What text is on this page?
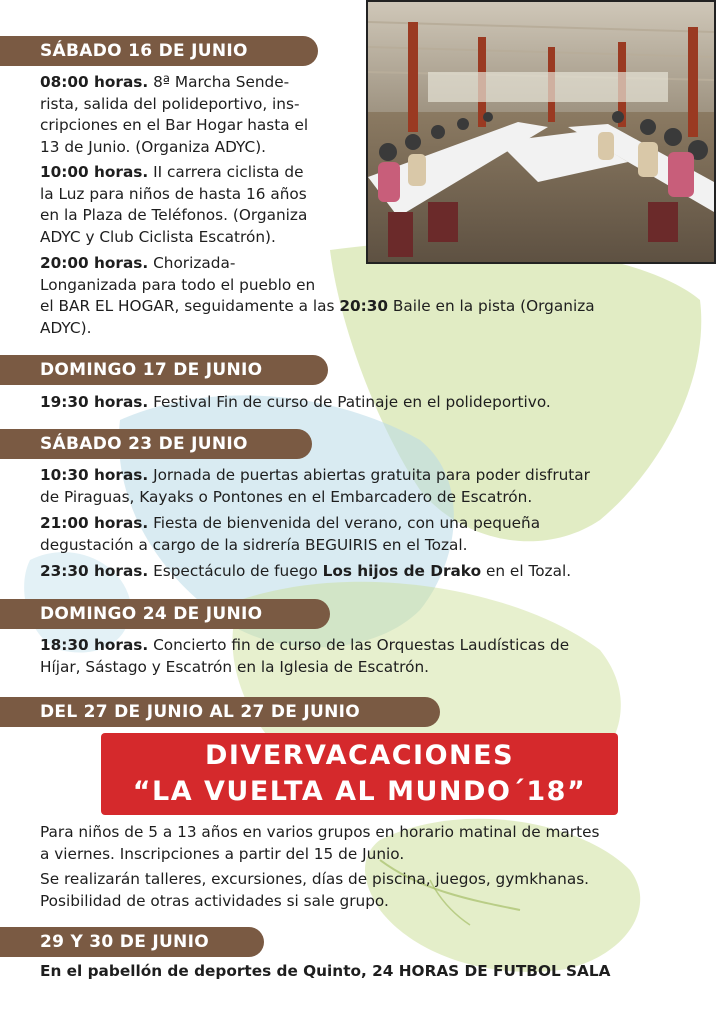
SÁBADO 16 DE JUNIO

08:00 horas. 8ª Marcha Sende-
rista, salida del polideportivo, ins-
cripciones en el Bar Hogar hasta el
13 de Junio. (Organiza ADYC).

10:00 horas. II carrera ciclista de
la Luz para niños de hasta 16 años
en la Plaza de Teléfonos. (Organiza
ADYC y Club Ciclista Escatrón).

20:00 horas. Chorizada-
Longanizada para todo el pueblo en
el BAR EL HOGAR, seguidamente a las 20:30 Baile en la pista (Organiza
ADYC).

DOMINGO 17 DE JUNIO

19:30 horas. Festival Fin de curso de Patinaje en el polideportivo.

SÁBADO 23 DE JUNIO

10:30 horas. Jornada de puertas abiertas gratuita para poder disfrutar
de Piraguas, Kayaks o Pontones en el Embarcadero de Escatrón.

21:00 horas. Fiesta de bienvenida del verano, con una pequeña
degustación a cargo de la sidrería BEGUIRIS en el Tozal.

23:30 horas. Espectáculo de fuego Los hijos de Drako en el Tozal.

DOMINGO 24 DE JUNIO

18:30 horas. Concierto fin de curso de las Orquestas Laudísticas de
Híjar, Sástago y Escatrón en la Iglesia de Escatrón.

DEL 27 DE JUNIO AL 27 DE JUNIO
DIVERVACACIONES
“LA VUELTA AL MUNDO´18”

Para niños de 5 a 13 años en varios grupos en horario matinal de martes
a viernes. Inscripciones a partir del 15 de Junio.

Se realizarán talleres, excursiones, días de piscina, juegos, gymkhanas.
Posibilidad de otras actividades si sale grupo.

29 Y 30 DE JUNIO
En el pabellón de deportes de Quinto, 24 HORAS DE FUTBOL SALA
